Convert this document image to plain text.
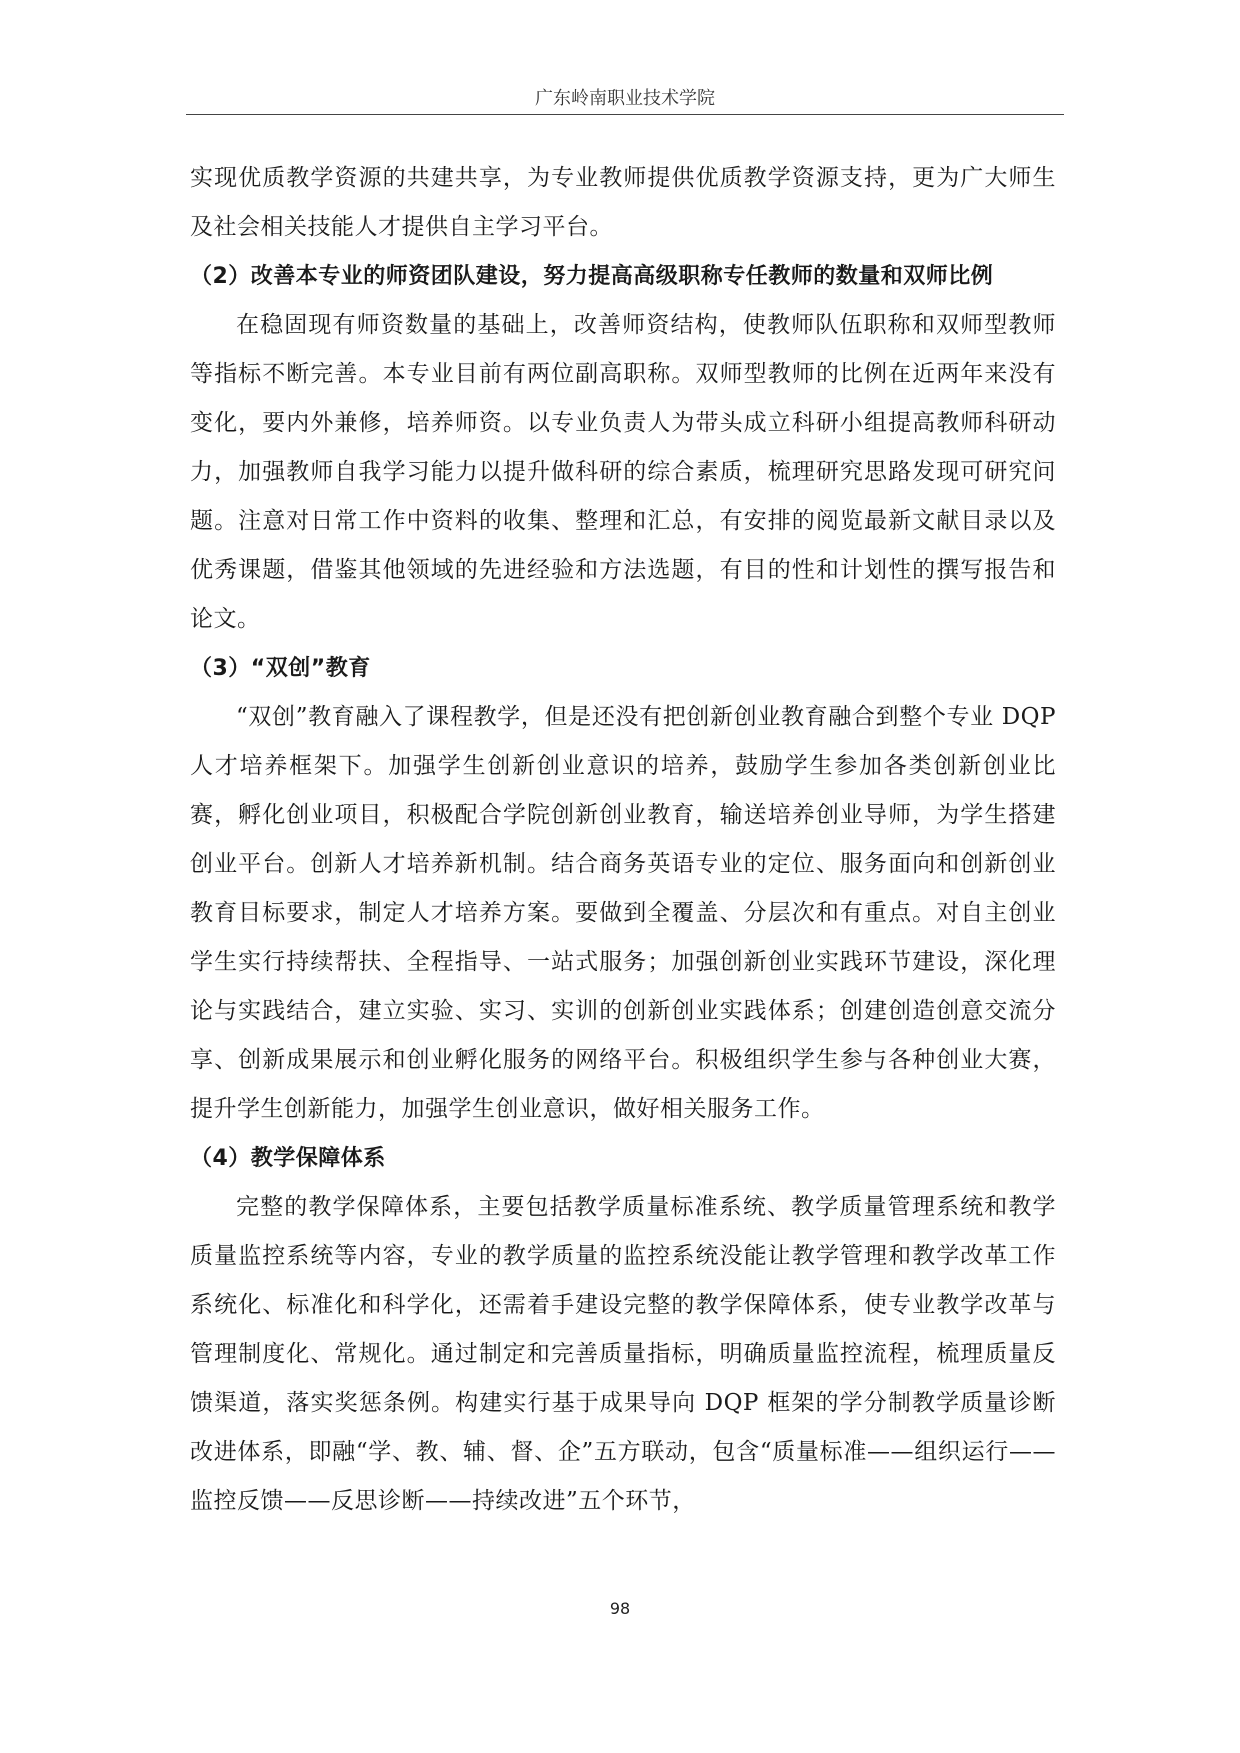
广东岭南职业技术学院

实现优质教学资源的共建共享，为专业教师提供优质教学资源支持，更为广大师生及社会相关技能人才提供自主学习平台。

（2）改善本专业的师资团队建设，努力提高高级职称专任教师的数量和双师比例

在稳固现有师资数量的基础上，改善师资结构，使教师队伍职称和双师型教师等指标不断完善。本专业目前有两位副高职称。双师型教师的比例在近两年来没有变化，要内外兼修，培养师资。以专业负责人为带头成立科研小组提高教师科研动力，加强教师自我学习能力以提升做科研的综合素质，梳理研究思路发现可研究问题。注意对日常工作中资料的收集、整理和汇总，有安排的阅览最新文献目录以及优秀课题，借鉴其他领域的先进经验和方法选题，有目的性和计划性的撰写报告和论文。

（3）“双创”教育

“双创”教育融入了课程教学，但是还没有把创新创业教育融合到整个专业 DQP 人才培养框架下。加强学生创新创业意识的培养，鼓励学生参加各类创新创业比赛，孵化创业项目，积极配合学院创新创业教育，输送培养创业导师，为学生搭建创业平台。创新人才培养新机制。结合商务英语专业的定位、服务面向和创新创业教育目标要求，制定人才培养方案。要做到全覆盖、分层次和有重点。对自主创业学生实行持续帮扶、全程指导、一站式服务；加强创新创业实践环节建设，深化理论与实践结合，建立实验、实习、实训的创新创业实践体系；创建创造创意交流分享、创新成果展示和创业孵化服务的网络平台。积极组织学生参与各种创业大赛，提升学生创新能力，加强学生创业意识，做好相关服务工作。

（4）教学保障体系

完整的教学保障体系，主要包括教学质量标准系统、教学质量管理系统和教学质量监控系统等内容，专业的教学质量的监控系统没能让教学管理和教学改革工作系统化、标准化和科学化，还需着手建设完整的教学保障体系，使专业教学改革与管理制度化、常规化。通过制定和完善质量指标，明确质量监控流程，梳理质量反馈渠道，落实奖惩条例。构建实行基于成果导向 DQP 框架的学分制教学质量诊断改进体系，即融“学、教、辅、督、企”五方联动，包含“质量标准——组织运行——监控反馈——反思诊断——持续改进”五个环节，

98
